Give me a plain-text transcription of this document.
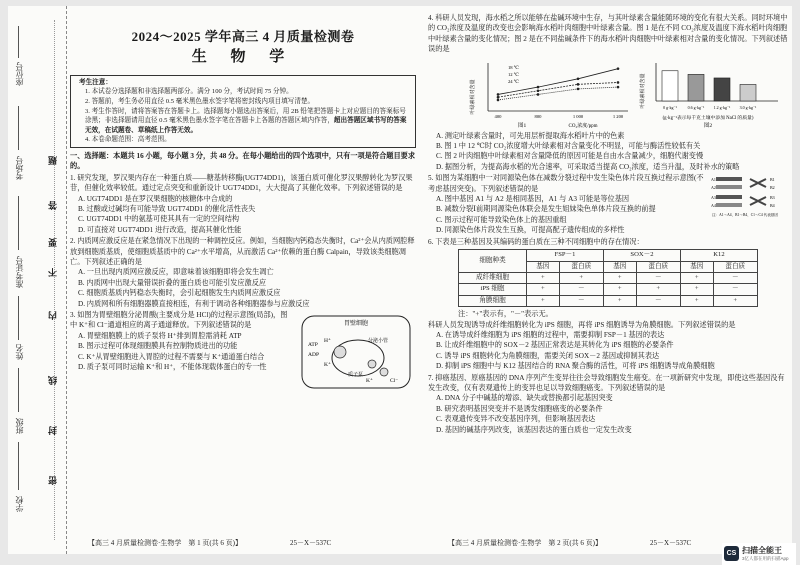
座位号
考场号
准考证号
姓名
班级
学校
题
答
要
不
内
线
封
密
2024～2025 学年高三 4 月质量检测卷
生 物 学
考生注意：
1. 本试卷分选择题和非选择题两部分。满分 100 分，考试时间 75 分钟。
2. 答题前，考生务必用直径 0.5 毫米黑色墨水签字笔将密封线内项目填写清楚。
3. 考生作答时，请将答案答在答题卡上。选择题每小题选出答案后，用 2B 铅笔把答题卡上对应题目的答案标号涂黑；非选择题请用直径 0.5 毫米黑色墨水签字笔在答题卡上各题的答题区域内作答，超出答题区域书写的答案无效，在试题卷、草稿纸上作答无效。
4. 本卷命题范围：高考范围。
一、选择题：本题共 16 小题，每小题 3 分，共 48 分。在每小题给出的四个选项中，只有一项是符合题目要求的。
1. 研究发现，罗汉果内存在一种蛋白质——糖基转移酶(UGT74DD1)，该蛋白质可催化罗汉果醇转化为罗汉果苷，但催化效率较低。通过定点突变和重新设计 UGT74DD1，大大提高了其催化效率。下列叙述错误的是
A. UGT74DD1 是在罗汉果细胞的核糖体中合成的
B. 过酸或过碱均有可能导致 UGT74DD1 的催化活性丧失
C. UGT74DD1 中的氨基可使其具有一定的空间结构
D. 可直接对 UGT74DD1 进行改造，提高其催化性能
2. 内质网应激反应是在紧急情况下出现的一种调控反应。例如，当细胞内钙稳态失衡时，Ca²⁺会从内质网腔释放到细胞质基质，使细胞质基质中的 Ca²⁺水平增高，从而激活 Ca²⁺依赖的蛋白酶 Calpain，导致该类细胞凋亡。下列叙述正确的是
A. 一旦出现内质网应激反应，即意味着该细胞即将会发生凋亡
B. 内质网中出现大量错误折叠的蛋白质也可能引发应激反应
C. 细胞质基质内钙稳态失衡时，会引起细胞发生内质网应激反应
D. 内质网和所有细胞器膜直接相连，有利于调动各种细胞器参与应激反应
胃壁细胞
ATP
ADP
H⁺
K⁺
质子泵
K⁺	Cl⁻
分泌小管
3. 如图为胃壁细胞分泌胃酸(主要成分是 HCl)的过程示意图(局部)，图中 K⁺和 Cl⁻通道相应的离子通道释放。下列叙述错误的是
A. 胃壁细胞膜上的质子泵将 H⁺排到胃腔需消耗 ATP
B. 图示过程可体现细胞膜具有控制物质进出的功能
C. K⁺从胃壁细胞进入胃腔的过程不需要与 K⁺通道蛋白结合
D. 质子泵可同时运输 K⁺和 H⁺，不能体现载体蛋白的专一性
4. 科研人员发现，海水稻之所以能够在盐碱环境中生存，与其叶绿素含量能随环境的变化有很大关系。同时环境中的 CO₂浓度及温度的改变也会影响海水稻叶肉细胞中叶绿素含量。图 1 是在不同 CO₂浓度及温度下海水稻叶肉细胞中叶绿素含量的变化情况；图 2 是在不同盐碱条件下的海水稻叶肉细胞中叶绿素相对含量的变化情况。下列叙述错误的是
叶绿素相对含量
400	800	1 000	1 200
18 ℃
12 ℃
24 ℃
CO₂浓度/ppm
图1
叶绿素相对含量	0 g·kg⁻¹	0.6 g·kg⁻¹ 1.2 g·kg⁻¹ 3.0 g·kg⁻¹
(g·kg⁻¹表示每千克土壤中添加 NaCl 的质量)
图2
A. 测定叶绿素含量时，可先用层析提取海水稻叶片中的色素
B. 图 1 中 12 ℃时 CO₂浓度增大叶绿素相对含量变化不明显，可能与酶活性较低有关
C. 图 2 叶肉细胞中叶绿素相对含量降低的原因可能是自由水含量减少，细胞代谢变慢
D. 据图分析，为提高海水稻的光合速率，可采取适当提高 CO₂浓度，适当升温，及时补水的策略
A1	B1
A2	B2
A3	B3
A4	B4
注：A1～A4、B1～B4、C1～C4 代表基因
5. 如图为某细胞中一对同源染色体在减数分裂过程中发生染色体片段互换过程示意图(不考虑基因突变)。下列叙述错误的是
A. 图中基因 A1 与 A2 是相同基因，A1 与 A3 可能是等位基因
B. 减数分裂Ⅰ前期同源染色体联会是发生姐妹染色单体片段互换的前提
C. 图示过程可能导致染色体上的基因重组
D. 同源染色体片段发生互换，可提高配子遗传组成的多样性
6. 下表是三种基因及其编码的蛋白质在三种不同细胞中的存在情况：
细胞种类	FSP－1		SOX－2		K12	
	基因	蛋白质	基因	蛋白质	基因	蛋白质
成纤维细胞	+	+	+	－	+	－
iPS 细胞	+	－	+	+	+	－
角膜细胞	+	－	+	－	+	+
注："+"表示有，"－"表示无。
科研人员发现诱导成纤维细胞转化为 iPS 细胞，再将 iPS 细胞诱导为角膜细胞。下列叙述错误的是
A. 在诱导成纤维细胞为 iPS 细胞的过程中，需要抑制 FSP－1 基因的表达
B. 让成纤维细胞中的 SOX－2 基因正常表达是其转化为 iPS 细胞的必要条件
C. 诱导 iPS 细胞转化为角膜细胞，需要关闭 SOX－2 基因或抑制其表达
D. 抑制 iPS 细胞中与 K12 基因结合的 RNA 聚合酶的活性，可将 iPS 细胞诱导成角膜细胞
7. 抑癌基因、原癌基因的 DNA 序列产生变异往往会导致细胞发生癌变。在一项新研究中发现，即使这些基因没有发生改变，仅有表观遗传上的变异也足以导致细胞癌变。下列叙述错误的是
A. DNA 分子中碱基的增添、缺失或替换都引起基因突变
B. 研究表明基因突变并不是诱发细胞癌变的必要条件
C. 表观遗传变异不改变基因序列，但影响基因表达
D. 基因的碱基序列改变，该基因表达的蛋白质也一定发生改变
【高三 4 月质量检测卷·生物学　第 1 页(共 6 页)】	25－X－537C	【高三 4 月质量检测卷·生物学　第 2 页(共 6 页)】	25－X－537C
CS 扫描全能王
3亿人都在用的扫描App
